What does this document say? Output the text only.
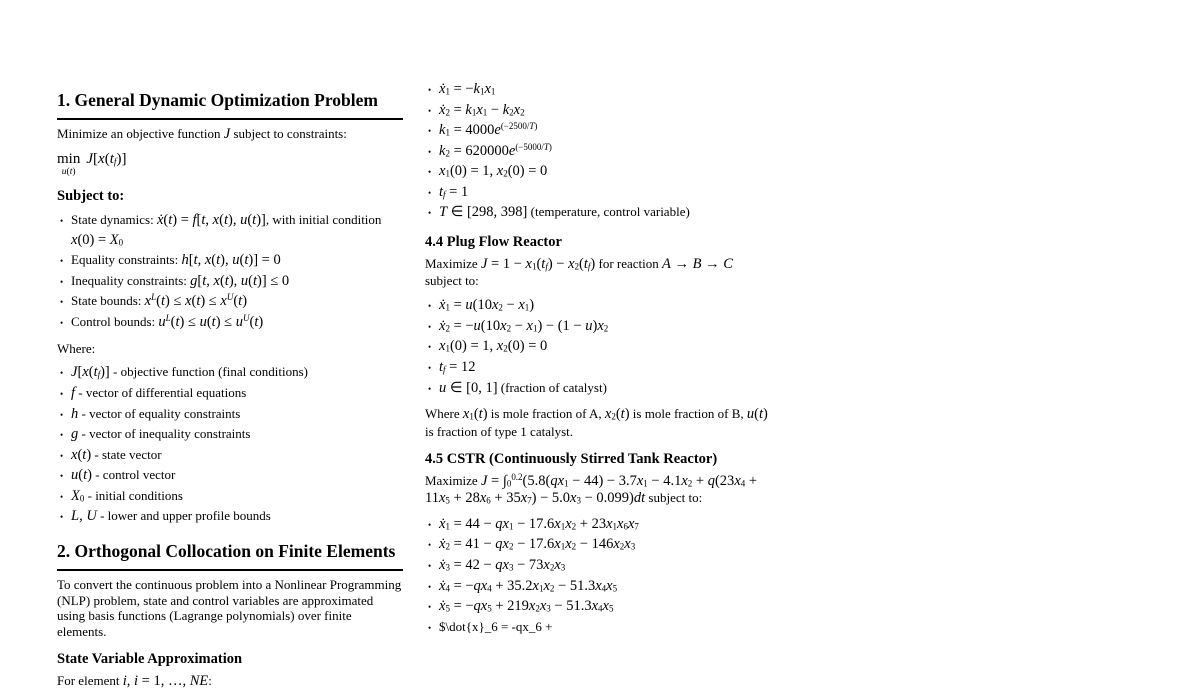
1. General Dynamic Optimization Problem

Minimize an objective function J subject to constraints:

min
u(t)
$J[x(t_f)]$
Subject to:
• State dynamics: ẋ(t) = f[t, x(t), u(t)], with initial condition $x(0) = X_0$
• Equality constraints: h[t, x(t), u(t)] = 0
• Inequality constraints: g[t, x(t), u(t)] ≤ 0
• State bounds: $x^L(t) \le x(t) \le x^U(t)$
• Control bounds: $u^L(t) \le u(t) \le u^U(t)$

Where:

• $J[x(t_f)]$ - objective function (final conditions)
• f - vector of differential equations
• h - vector of equality constraints
• g - vector of inequality constraints
• x(t) - state vector
• u(t) - control vector
• $X_0$ - initial conditions
• L, U - lower and upper profile bounds
2. Orthogonal Collocation on Finite Elements

To convert the continuous problem into a Nonlinear Programming (NLP) problem, state and control variables are approximated using basis functions (Lagrange polynomials) over finite elements.

State Variable Approximation

For element i, i = 1, …, NE:

• ẋ$_1$ = $-k_1x_1$
• ẋ$_2$ = $k_1x_1 - k_2x_2$
• $k_1 = 4000e^{(-2500/T)}$
• $k_2 = 620000e^{(-5000/T)}$
• $x_1(0) = 1$, $x_2(0) = 0$
• $t_f = 1$
• T ∈ [298, 398] (temperature, control variable)
4.4 Plug Flow Reactor

Maximize $J = 1 - x_1(t_f) - x_2(t_f)$ for reaction A → B → C subject to:

• ẋ$_1$ = $u(10x_2 - x_1)$
• ẋ$_2$ = $-u(10x_2 - x_1) - (1 - u)x_2$
• $x_1(0) = 1$, $x_2(0) = 0$
• $t_f = 12$
• u ∈ [0, 1] (fraction of catalyst)

Where $x_1(t)$ is mole fraction of A, $x_2(t)$ is mole fraction of B, u(t) is fraction of type 1 catalyst.

4.5 CSTR (Continuously Stirred Tank Reactor)

Maximize $J = \int_0^{0.2}(5.8(qx_1 - 44) - 3.7x_1 - 4.1x_2 + q(23x_4 + 11x_5 + 28x_6 + 35x_7) - 5.0x_3 - 0.099)dt$ subject to:

• ẋ$_1$ = $44 - qx_1 - 17.6x_1x_2 + 23x_1x_6x_7$
• ẋ$_2$ = $41 - qx_2 - 17.6x_1x_2 - 146x_2x_3$
• ẋ$_3$ = $42 - qx_3 - 73x_2x_3$
• ẋ$_4$ = $-qx_4 + 35.2x_1x_2 - 51.3x_4x_5$
• ẋ$_5$ = $-qx_5 + 219x_2x_3 - 51.3x_4x_5$
• $\dot{x}_6 = -qx_6 +
